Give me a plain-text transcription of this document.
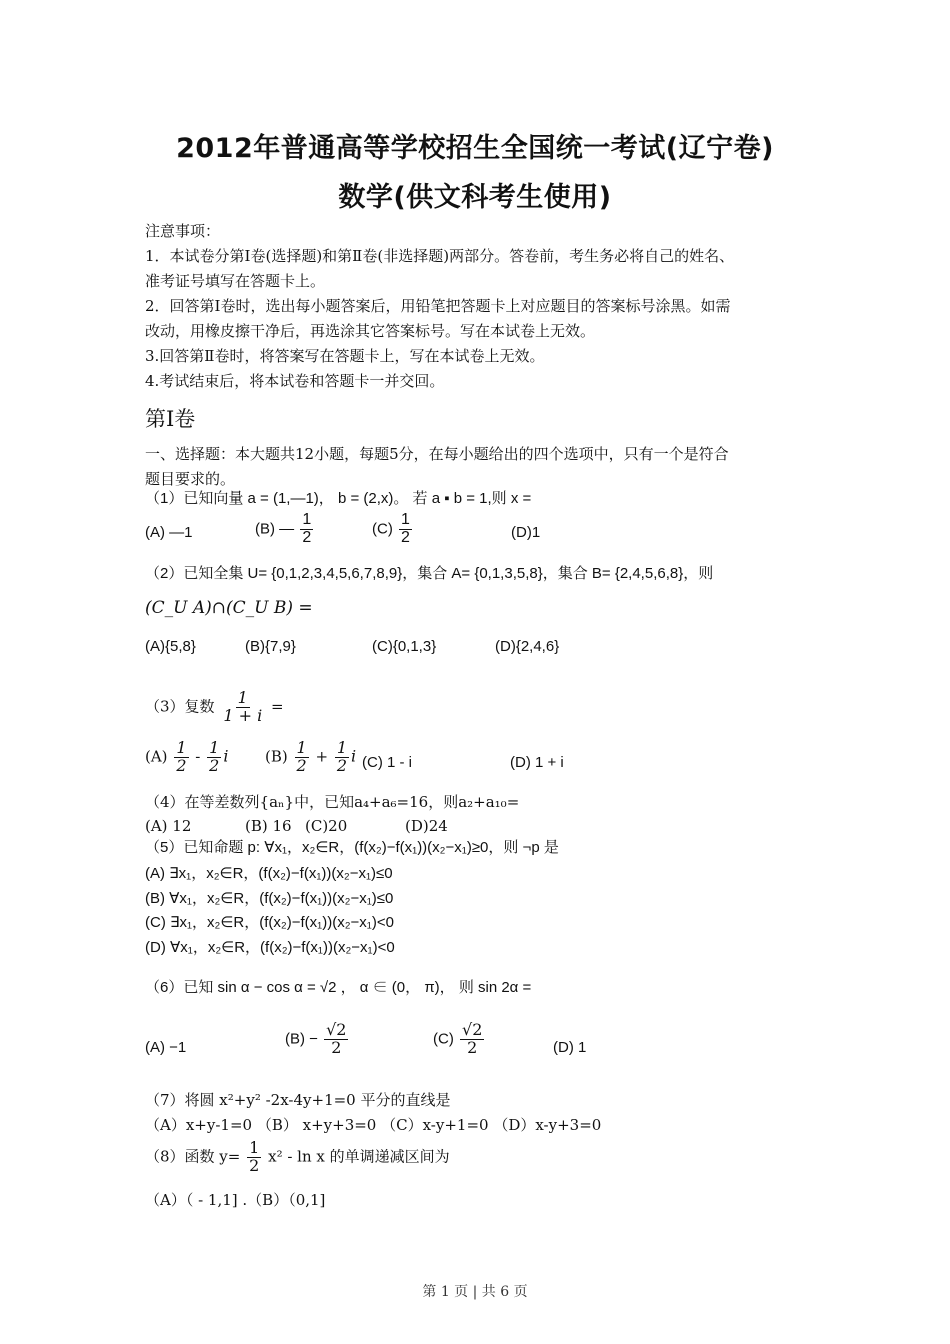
2012年普通高等学校招生全国统一考试(辽宁卷)
数学(供文科考生使用)
注意事项：
1．本试卷分第Ⅰ卷(选择题)和第Ⅱ卷(非选择题)两部分。答卷前，考生务必将自己的姓名、
准考证号填写在答题卡上。
2．回答第Ⅰ卷时，选出每小题答案后，用铅笔把答题卡上对应题目的答案标号涂黑。如需
改动，用橡皮擦干净后，再选涂其它答案标号。写在本试卷上无效。
3.回答第Ⅱ卷时，将答案写在答题卡上，写在本试卷上无效。
4.考试结束后，将本试卷和答题卡一并交回。
第Ⅰ卷
一、选择题：本大题共12小题，每题5分，在每小题给出的四个选项中，只有一个是符合
题目要求的。
（1）已知向量 a = (1,—1)， b = (2,x)。 若 a ▪ b = 1,则 x =
(A) —1	(B) — $\frac{1}{2}$	$(C) \frac{1}{2}$	(D)1
（2）已知全集 U= {0,1,2,3,4,5,6,7,8,9}，集合 A= {0,1,3,5,8}，集合 B= {2,4,5,6,8}，则
(C_U A)∩(C_U B) =
(A){5,8}	(B){7,9}	(C){0,1,3}	(D){2,4,6}
（3）复数 $\frac{1}{1 + i}$ =
$(A) \frac{1}{2} - \frac{1}{2}$ i $(B) \frac{1}{2} + \frac{1}{2}$ i (C) 1 - i	(D) 1 + i
（4）在等差数列{aₙ}中，已知a₄+a₆=16，则a₂+a₁₀=
(A) 12	(B) 16 (C)20	(D)24
（5）已知命题 p: ∀x₁，x₂∈R，(f(x₂)−f(x₁))(x₂−x₁)≥0，则 ¬p 是
(A) ∃x₁，x₂∈R，(f(x₂)−f(x₁))(x₂−x₁)≤0
(B) ∀x₁，x₂∈R，(f(x₂)−f(x₁))(x₂−x₁)≤0
(C) ∃x₁，x₂∈R，(f(x₂)−f(x₁))(x₂−x₁)<0
(D) ∀x₁，x₂∈R，(f(x₂)−f(x₁))(x₂−x₁)<0
（6）已知 sin α − cos α = √2 ， α ∈ (0， π)， 则 sin 2α =
(A) −1
$(B) - \frac{√2}{2}$	$(C) \frac{√2}{2}$	(D) 1
（7）将圆 x²+y² -2x-4y+1=0 平分的直线是
（A）x+y-1=0 （B） x+y+3=0 （C）x-y+1=0 （D）x-y+3=0
（8）函数 $y= \frac{1}{2} x^2 - \ln x$ 的单调递减区间为
（A）（ - 1,1] .（B）（0,1]
第 1 页 | 共 6 页
